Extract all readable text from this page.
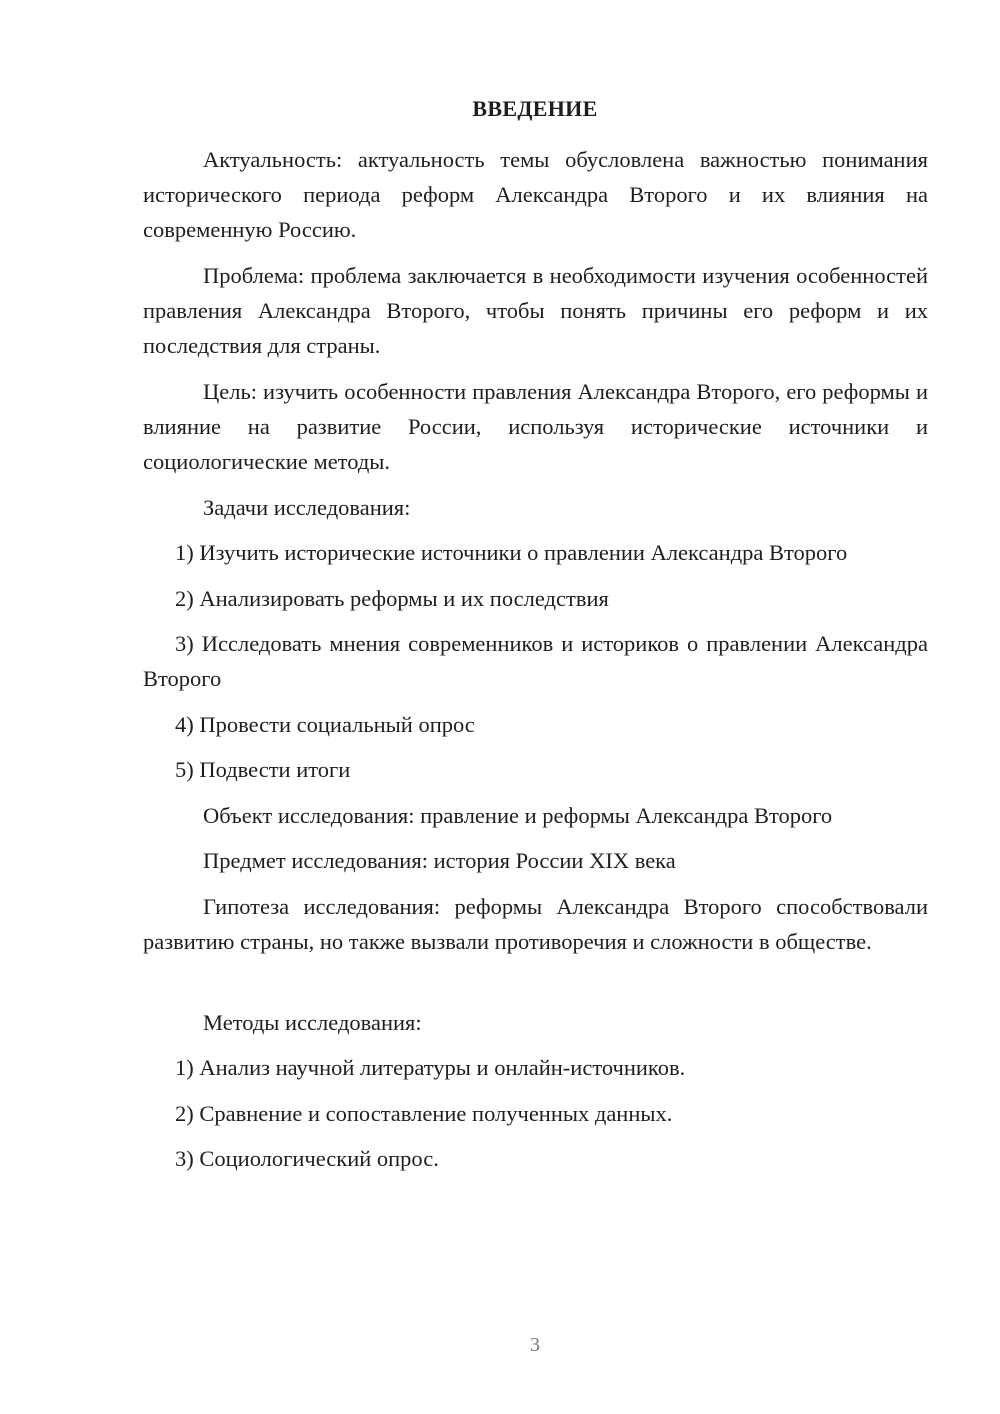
ВВЕДЕНИЕ

Актуальность: актуальность темы обусловлена важностью понимания исторического периода реформ Александра Второго и их влияния на современную Россию.

Проблема: проблема заключается в необходимости изучения особенностей правления Александра Второго, чтобы понять причины его реформ и их последствия для страны.

Цель: изучить особенности правления Александра Второго, его реформы и влияние на развитие России, используя исторические источники и социологические методы.

Задачи исследования:

1) Изучить исторические источники о правлении Александра Второго

2) Анализировать реформы и их последствия

3) Исследовать мнения современников и историков о правлении Александра Второго

4) Провести социальный опрос

5) Подвести итоги

Объект исследования: правление и реформы Александра Второго

Предмет исследования: история России XIX века

Гипотеза исследования: реформы Александра Второго способствовали развитию страны, но также вызвали противоречия и сложности в обществе.

Методы исследования:

1) Анализ научной литературы и онлайн-источников.

2) Сравнение и сопоставление полученных данных.

3) Социологический опрос.

3
